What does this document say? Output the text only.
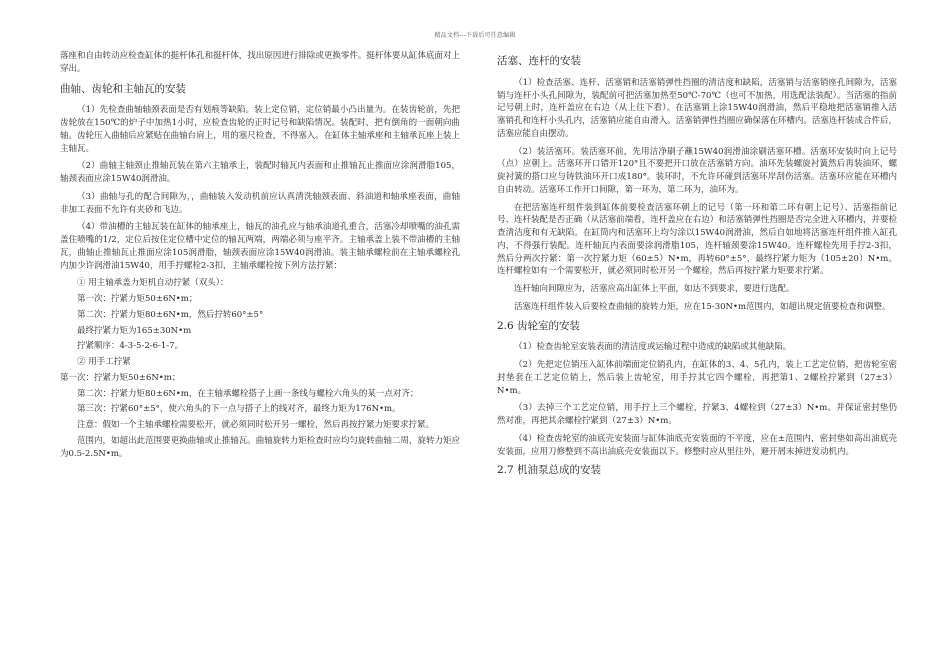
精品文档---下载后可任意编辑

落座和自由转动应检查缸体的挺杆体孔和挺杆体，找出原因进行排除或更换零件。挺杆体要从缸体底面对上穿出。

曲轴、齿轮和主轴瓦的安装

（1）先检查曲轴轴颈表面是否有划痕等缺陷。装上定位销，定位销最小凸出量为。在装齿轮前，先把齿轮放在150℃的炉子中加热1小时，应检查齿轮的正时记号和缺陷情况。装配时，把有倒角的一面朝向曲轴。齿轮压入曲轴后应紧贴在曲轴台肩上，用的塞尺检查，不得塞入。在缸体主轴承座和主轴承瓦座上装上主轴瓦。

（2）曲轴主轴颈止推轴瓦装在第六主轴承上，装配时轴瓦内表面和止推轴瓦止推面应涂润滑脂105，轴颈表面应涂15W40润滑油。

（3）曲轴与孔的配合间隙为，，曲轴装入发动机前应认真清洗轴颈表面、斜油道和轴承座表面，曲轴非加工表面不允许有夹砂和飞边。

（4）带油槽的主轴瓦装在缸体的轴承座上，轴瓦的油孔应与轴承油道孔重合，活塞冷却喷嘴的油孔需盖住喷嘴的1/2，定位后按住定位槽中定位的轴瓦两端，两端必须与座平齐。主轴承盖上装不带油槽的主轴瓦，曲轴止推轴瓦止推面应涂105润滑脂，轴颈表面应涂15W40润滑油。装主轴承螺栓前在主轴承螺栓孔内加少许润滑油15W40，用手拧螺栓2-3扣，主轴承螺栓按下列方法拧紧：

① 用主轴承盖力矩机自动拧紧（双头）：

第一次：拧紧力矩50±6N•m；

第二次：拧紧力矩80±6N•m，然后拧转60°±5°

最终拧紧力矩为165±30N•m

拧紧顺序：4-3-5-2-6-1-7。

② 用手工拧紧

第一次：拧紧力矩50±6N•m；

第二次：拧紧力矩80±6N•m，在主轴承螺栓搭子上画一条线与螺栓六角头的某一点对齐；

第三次：拧紧60°±5°，使六角头的下一点与搭子上的线对齐，最终力矩为176N•m。

注意：假如一个主轴承螺栓需要松开，就必须同时松开另一螺栓，然后再按拧紧力矩要求拧紧。

范围内，如超出此范围要更换曲轴或止推轴瓦。曲轴旋转力矩检查时应均匀旋转曲轴二周，旋转力矩应为0.5-2.5N•m。

活塞、连杆的安装

（1）检查活塞、连杆、活塞销和活塞销弹性挡圈的清洁度和缺陷，活塞销与活塞销座孔间隙为，活塞销与连杆小头孔间隙为，装配前可把活塞加热至50℃-70℃（也可不加热，用选配法装配）。当活塞的指前记号朝上时，连杆盖应在右边（从上往下看）。在活塞销上涂15W40润滑油，然后平稳地把活塞销推入活塞销孔和连杆小头孔内，活塞销应能自由滑入。活塞销弹性挡圈应确保落在环槽内。活塞连杆装成合件后，活塞应能自由摆动。

（2）装活塞环。装活塞环前，先用洁净刷子蘸15W40润滑油涂刷活塞环槽。活塞环安装时向上记号（点）应朝上。活塞环开口错开120°且不要把开口放在活塞销方向。油环先装螺旋衬簧然后再装油环，螺旋衬簧的搭口应与铸铁油环开口成180°。装环时，不允许环碰到活塞环岸刮伤活塞。活塞环应能在环槽内自由转动。活塞环工作开口间隙，第一环为，第二环为，油环为。

在把活塞连杆组件装到缸体前要检查活塞环朝上的记号（第一环和第二环有朝上记号）、活塞指前记号、连杆装配是否正确（从活塞前端看，连杆盖应在右边）和活塞销弹性挡圈是否完全进入环槽内，并要检查清洁度和有无缺陷。在缸筒内和活塞环上均匀涂以15W40润滑油，然后自如地将活塞连杆组件推入缸孔内，不得强行装配。连杆轴瓦内表面要涂润滑脂105，连杆轴颈要涂15W40。连杆螺栓先用手拧2-3扣，然后分两次拧紧：第一次拧紧力矩（60±5）N•m，再转60°±5°，最终拧紧力矩为（105±20）N•m。连杆螺栓如有一个需要松开，就必须同时松开另一个螺栓，然后再按拧紧力矩要求拧紧。

连杆轴向间隙应为，活塞应高出缸体上平面，如达不到要求，要进行选配。

活塞连杆组件装入后要检查曲轴的旋转力矩，应在15-30N•m范围内，如超出规定值要检查和调整。

2.6 齿轮室的安装

（1）检查齿轮室安装表面的清洁度或运输过程中造成的缺陷或其他缺陷。

（2）先把定位销压入缸体前端面定位销孔内，在缸体的3、4、5孔内，装上工艺定位销，把齿轮室密封垫套在工艺定位销上，然后装上齿轮室，用手拧其它四个螺栓，再把第1、2螺栓拧紧到（27±3）N•m。

（3）去掉三个工艺定位销，用手拧上三个螺栓，拧紧3、4螺栓到（27±3）N•m。并保证密封垫仍然对准，再把其余螺栓拧紧到（27±3）N•m。

（4）检查齿轮室的油底壳安装面与缸体油底壳安装面的不平度，应在±范围内，密封垫如高出油底壳安装面，应用刀修整到不高出油底壳安装面以下。修整时应从里往外，避开屑末掉进发动机内。

2.7 机油泵总成的安装
